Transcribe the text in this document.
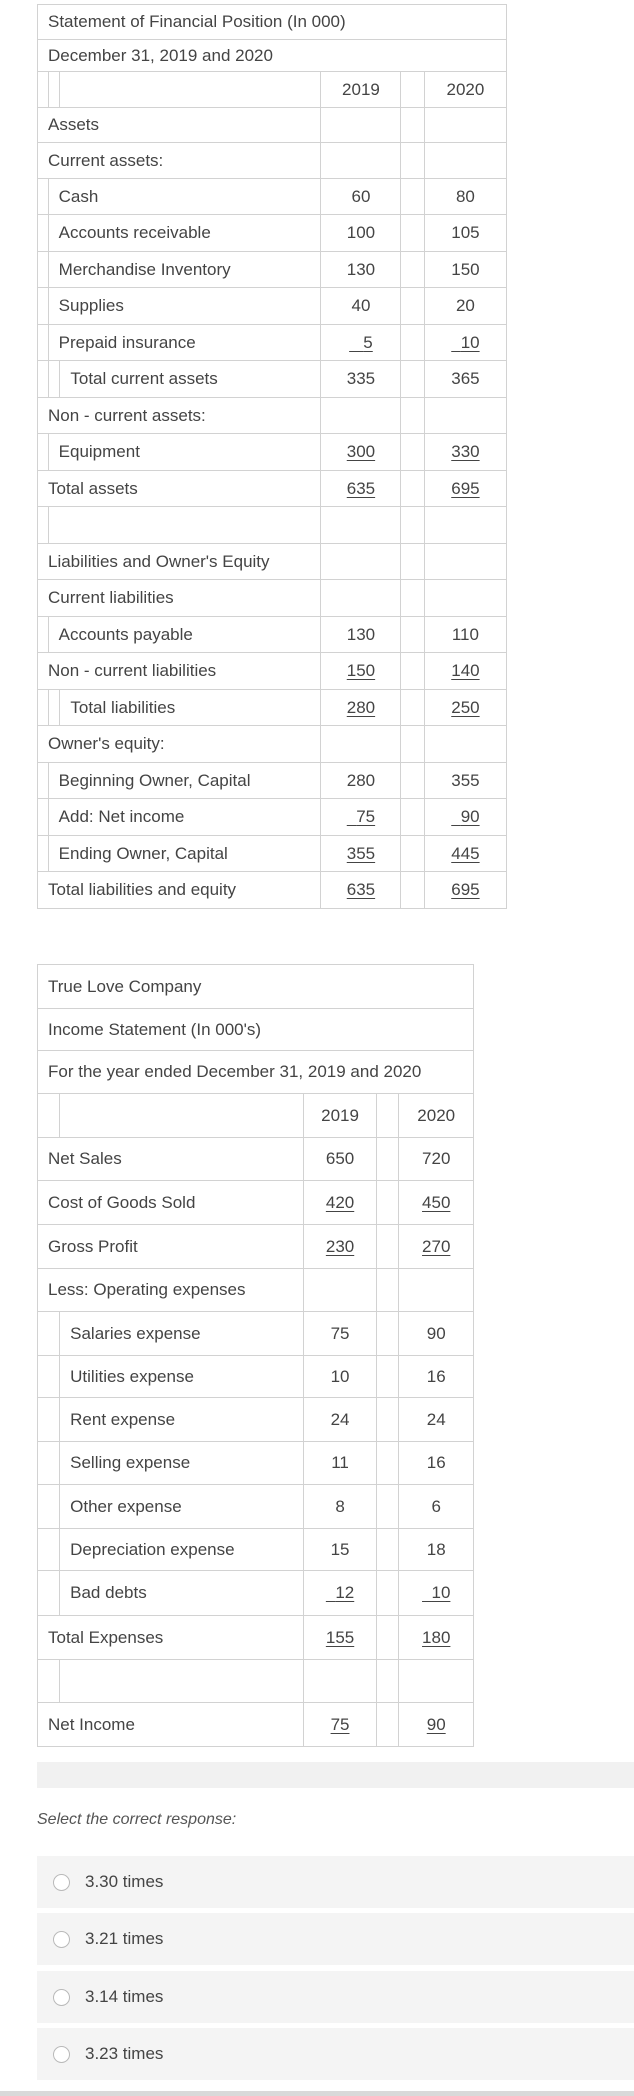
Statement of Financial Position (In 000)					
December 31, 2019 and 2020					
			2019		2020
Assets					
Current assets:					
	Cash		60		80
	Accounts receivable		100		105
	Merchandise Inventory		130		150
	Supplies		40		20
	Prepaid insurance		5		10
		Total current assets	335		365
Non - current assets:					
	Equipment		300		330
Total assets			635		695

Liabilities and Owner's Equity					
Current liabilities					
	Accounts payable		130		110
Non - current liabilities			150		140
		Total liabilities	280		250
Owner's equity:					
	Beginning Owner, Capital		280		355
	Add: Net income		75		90
	Ending Owner, Capital		355		445
Total liabilities and equity			635		695
True Love Company				
Income Statement (In 000's)				
For the year ended December 31, 2019 and 2020				
		2019		2020
Net Sales		650		720
Cost of Goods Sold		420		450
Gross Profit		230		270
Less: Operating expenses				
	Salaries expense	75		90
	Utilities expense	10		16
	Rent expense	24		24
	Selling expense	11		16
	Other expense	8		6
	Depreciation expense	15		18
	Bad debts	12		10
Total Expenses		155		180

Net Income		75		90
Select the correct response:
3.30 times
3.21 times
3.14 times
3.23 times
